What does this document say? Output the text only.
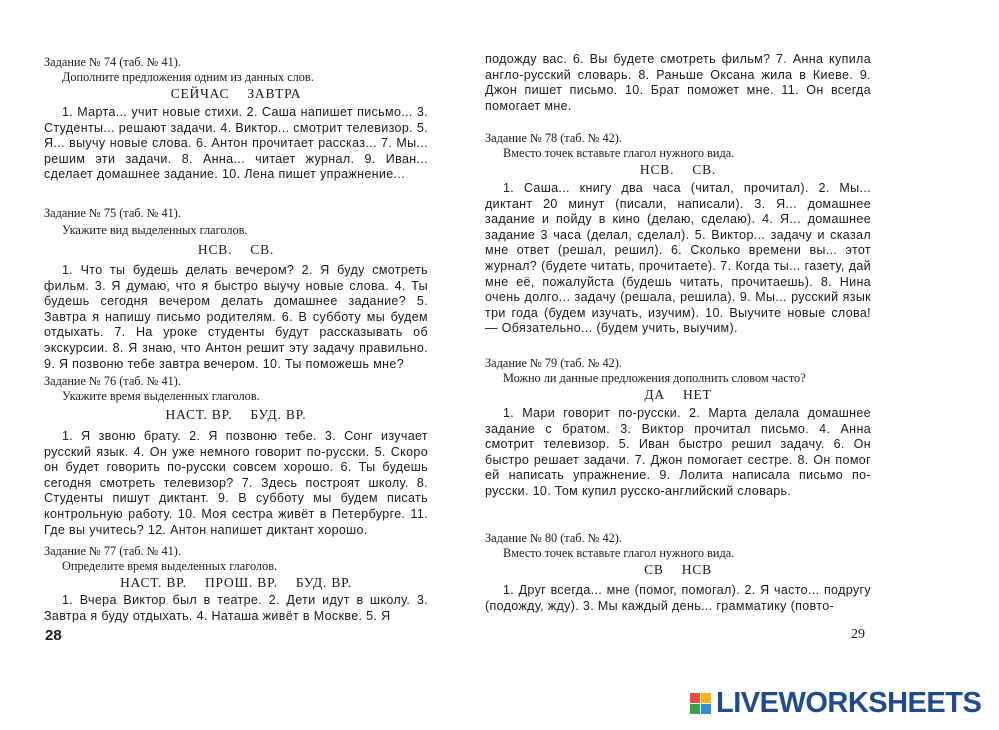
Задание № 74 (таб. № 41).
Дополните предложения одним из данных слов.
СЕЙЧАС ЗАВТРА

1. Марта... учит новые стихи. 2. Саша напишет письмо... 3. Студенты... решают задачи. 4. Виктор... смотрит телевизор. 5. Я... выучу новые слова. 6. Антон прочитает рассказ... 7. Мы... решим эти задачи. 8. Анна... читает журнал. 9. Иван... сделает домашнее задание. 10. Лена пишет упражнение...

Задание № 75 (таб. № 41).
Укажите вид выделенных глаголов.
НСВ. СВ.

1. Что ты будешь делать вечером? 2. Я буду смотреть фильм. 3. Я думаю, что я быстро выучу новые слова. 4. Ты будешь сегодня вечером делать домашнее задание? 5. Завтра я напишу письмо родителям. 6. В субботу мы будем отдыхать. 7. На уроке студенты будут рассказывать об экскурсии. 8. Я знаю, что Антон решит эту задачу правильно. 9. Я позвоню тебе завтра вечером. 10. Ты поможешь мне?

Задание № 76 (таб. № 41).
Укажите время выделенных глаголов.
НАСТ. ВР. БУД. ВР.

1. Я звоню брату. 2. Я позвоню тебе. 3. Сонг изучает русский язык. 4. Он уже немного говорит по-русски. 5. Скоро он будет говорить по-русски совсем хорошо. 6. Ты будешь сегодня смотреть телевизор? 7. Здесь построят школу. 8. Студенты пишут диктант. 9. В субботу мы будем писать контрольную работу. 10. Моя сестра живёт в Петербурге. 11. Где вы учитесь? 12. Антон напишет диктант хорошо.

Задание № 77 (таб. № 41).
Определите время выделенных глаголов.
НАСТ. ВР. ПРОШ. ВР. БУД. ВР.

1. Вчера Виктор был в театре. 2. Дети идут в школу. 3. Завтра я буду отдыхать. 4. Наташа живёт в Москве. 5. Я

28

подожду вас. 6. Вы будете смотреть фильм? 7. Анна купила англо-русский словарь. 8. Раньше Оксана жила в Киеве. 9. Джон пишет письмо. 10. Брат поможет мне. 11. Он всегда помогает мне.

Задание № 78 (таб. № 42).
Вместо точек вставьте глагол нужного вида.
НСВ. СВ.

1. Саша... книгу два часа (читал, прочитал). 2. Мы... диктант 20 минут (писали, написали). 3. Я... домашнее задание и пойду в кино (делаю, сделаю). 4. Я... домашнее задание 3 часа (делал, сделал). 5. Виктор... задачу и сказал мне ответ (решал, решил). 6. Сколько времени вы... этот журнал? (будете читать, прочитаете). 7. Когда ты... газету, дай мне её, пожалуйста (будешь читать, прочитаешь). 8. Нина очень долго... задачу (решала, решила). 9. Мы... русский язык три года (будем изучать, изучим). 10. Выучите новые слова! — Обязательно... (будем учить, выучим).

Задание № 79 (таб. № 42).
Можно ли данные предложения дополнить словом часто?
ДА НЕТ

1. Мари говорит по-русски. 2. Марта делала домашнее задание с братом. 3. Виктор прочитал письмо. 4. Анна смотрит телевизор. 5. Иван быстро решил задачу. 6. Он быстро решает задачи. 7. Джон помогает сестре. 8. Он помог ей написать упражнение. 9. Лолита написала письмо по-русски. 10. Том купил русско-английский словарь.

Задание № 80 (таб. № 42).
Вместо точек вставьте глагол нужного вида.
СВ НСВ

1. Друг всегда... мне (помог, помогал). 2. Я часто... подругу (подожду, жду). 3. Мы каждый день... грамматику (повто-

29
LIVEWORKSHEETS
